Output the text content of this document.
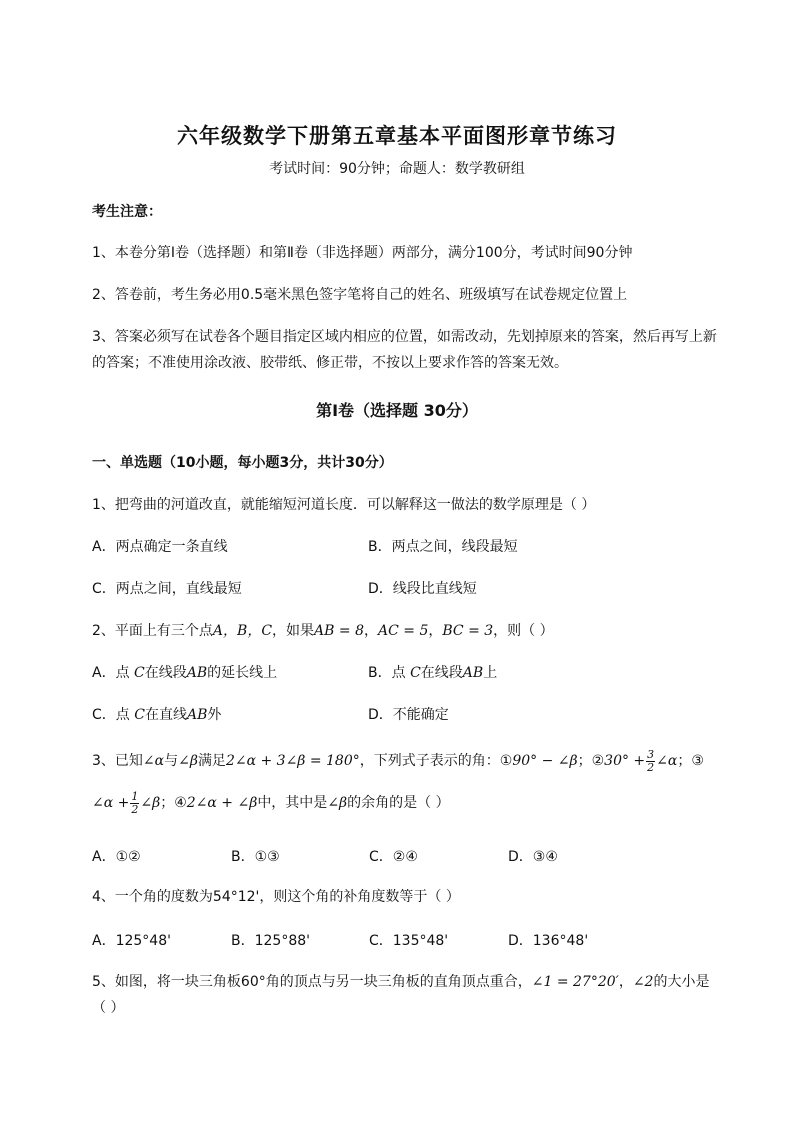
六年级数学下册第五章基本平面图形章节练习
考试时间：90分钟；命题人：数学教研组
考生注意：
1、本卷分第I卷（选择题）和第Ⅱ卷（非选择题）两部分，满分100分，考试时间90分钟
2、答卷前，考生务必用0.5毫米黑色签字笔将自己的姓名、班级填写在试卷规定位置上
3、答案必须写在试卷各个题目指定区域内相应的位置，如需改动，先划掉原来的答案，然后再写上新
的答案；不准使用涂改液、胶带纸、修正带，不按以上要求作答的答案无效。
第I卷（选择题 30分）
一、单选题（10小题，每小题3分，共计30分）
1、把弯曲的河道改直，就能缩短河道长度．可以解释这一做法的数学原理是（ ）
A．两点确定一条直线	B．两点之间，线段最短
C．两点之间，直线最短	D．线段比直线短
2、平面上有三个点A，B，C，如果AB = 8，AC = 5，BC = 3，则（ ）
A．点 C在线段AB的延长线上	B．点 C在线段AB上
C．点 C在直线AB外	D．不能确定
3、已知∠α与∠β满足2∠α + 3∠β = 180°，下列式子表示的角：①90° − ∠β；②30° + $\frac{3}{2}$ ∠α；③
∠α + $\frac{1}{2}$ ∠β；④2∠α + ∠β中，其中是∠β的余角的是（ ）
A．①②	B．①③	C．②④	D．③④
4、一个角的度数为54°12'，则这个角的补角度数等于（ ）
A．125°48'	B．125°88'	C．135°48'	D．136°48'
5、如图，将一块三角板60°角的顶点与另一块三角板的直角顶点重合，∠1 = 27°20′，∠2的大小是
（ ）
